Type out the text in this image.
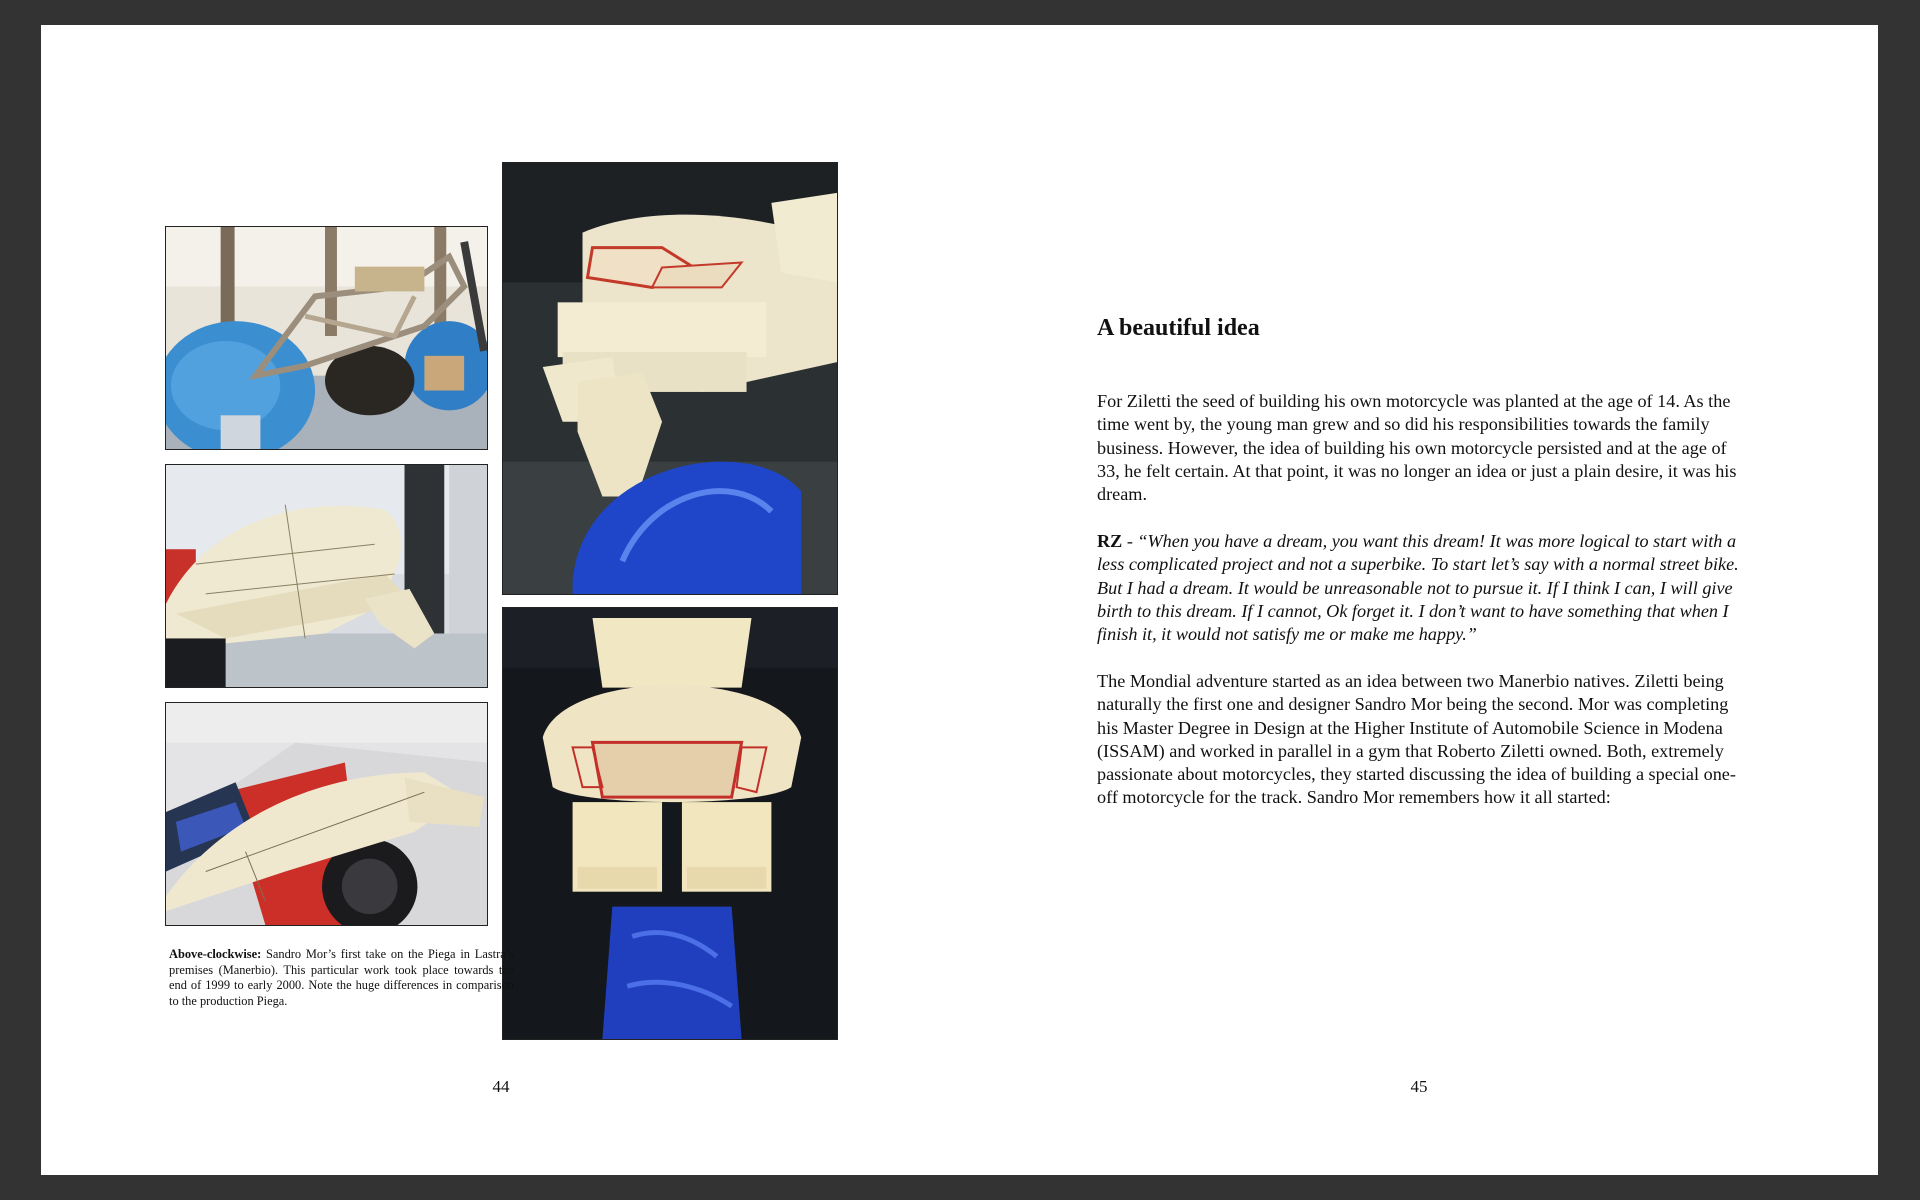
Above-clockwise: Sandro Mor’s first take on the Piega in Lastra’s premises (Manerbio). This particular work took place towards the end of 1999 to early 2000. Note the huge differences in comparison to the production Piega.
44	45
A beautiful idea

For Ziletti the seed of building his own motorcycle was planted at the age of 14. As the time went by, the young man grew and so did his responsibilities towards the family business. However, the idea of building his own motorcycle persisted and at the age of 33, he felt certain. At that point, it was no longer an idea or just a plain desire, it was his dream.

RZ - “When you have a dream, you want this dream! It was more logical to start with a less complicated project and not a superbike. To start let’s say with a normal street bike. But I had a dream. It would be unreasonable not to pursue it. If I think I can, I will give birth to this dream. If I cannot, Ok forget it. I don’t want to have something that when I finish it, it would not satisfy me or make me happy.”

The Mondial adventure started as an idea between two Manerbio natives. Ziletti being naturally the first one and designer Sandro Mor being the second. Mor was completing his Master Degree in Design at the Higher Institute of Automobile Science in Modena (ISSAM) and worked in parallel in a gym that Roberto Ziletti owned. Both, extremely passionate about motorcycles, they started discussing the idea of building a special one-off motorcycle for the track. Sandro Mor remembers how it all started:
